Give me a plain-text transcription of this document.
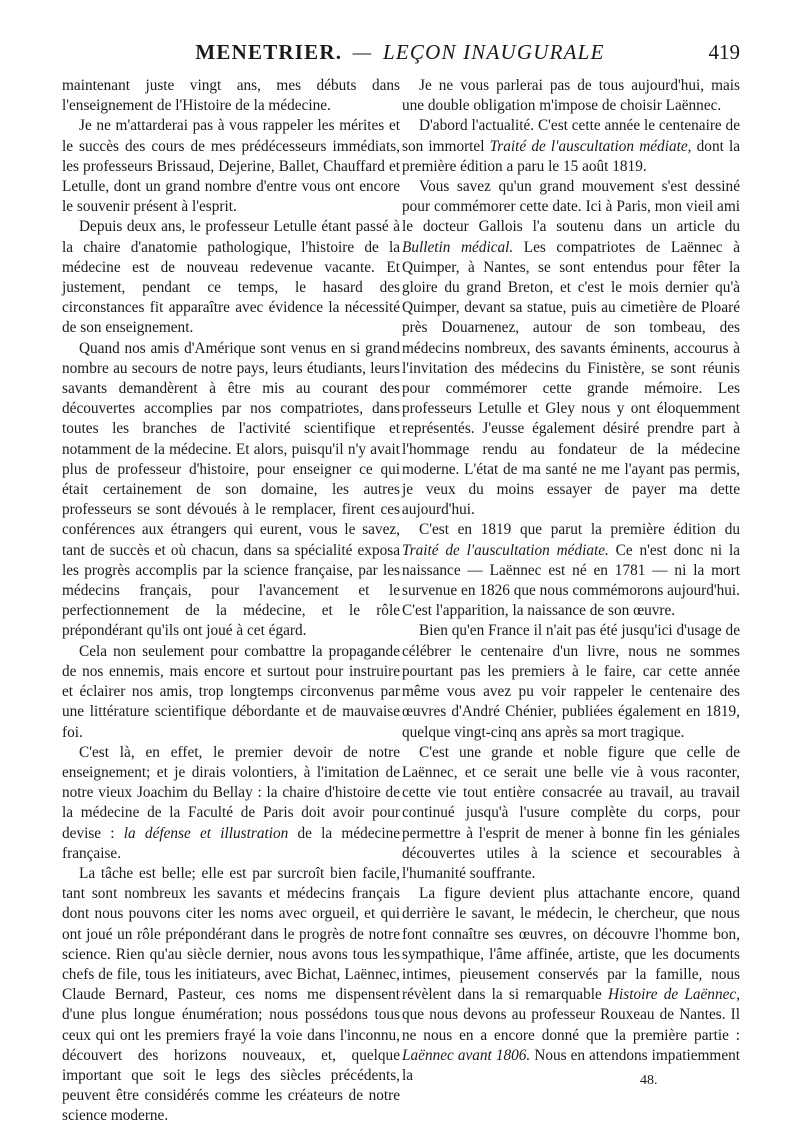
MENETRIER. — LEÇON INAUGURALE	419

maintenant juste vingt ans, mes débuts dans l'enseignement de l'Histoire de la médecine.

Je ne m'attarderai pas à vous rappeler les mérites et le succès des cours de mes prédécesseurs immédiats, les professeurs Brissaud, Dejerine, Ballet, Chauffard et Letulle, dont un grand nombre d'entre vous ont encore le souvenir présent à l'esprit.

Depuis deux ans, le professeur Letulle étant passé à la chaire d'anatomie pathologique, l'histoire de la médecine est de nouveau redevenue vacante. Et justement, pendant ce temps, le hasard des circonstances fit apparaître avec évidence la nécessité de son enseignement.

Quand nos amis d'Amérique sont venus en si grand nombre au secours de notre pays, leurs étudiants, leurs savants demandèrent à être mis au courant des découvertes accomplies par nos compatriotes, dans toutes les branches de l'activité scientifique et notamment de la médecine. Et alors, puisqu'il n'y avait plus de professeur d'histoire, pour enseigner ce qui était certainement de son domaine, les autres professeurs se sont dévoués à le remplacer, firent ces conférences aux étrangers qui eurent, vous le savez, tant de succès et où chacun, dans sa spécialité exposa les progrès accomplis par la science française, par les médecins français, pour l'avancement et le perfectionnement de la médecine, et le rôle prépondérant qu'ils ont joué à cet égard.

Cela non seulement pour combattre la propagande de nos ennemis, mais encore et surtout pour instruire et éclairer nos amis, trop longtemps circonvenus par une littérature scientifique débordante et de mauvaise foi.

C'est là, en effet, le premier devoir de notre enseignement; et je dirais volontiers, à l'imitation de notre vieux Joachim du Bellay : la chaire d'histoire de la médecine de la Faculté de Paris doit avoir pour devise : la défense et illustration de la médecine française.

La tâche est belle; elle est par surcroît bien facile, tant sont nombreux les savants et médecins français dont nous pouvons citer les noms avec orgueil, et qui ont joué un rôle prépondérant dans le progrès de notre science. Rien qu'au siècle dernier, nous avons tous les chefs de file, tous les initiateurs, avec Bichat, Laënnec, Claude Bernard, Pasteur, ces noms me dispensent d'une plus longue énumération; nous possédons tous ceux qui ont les premiers frayé la voie dans l'inconnu, découvert des horizons nouveaux, et, quelque important que soit le legs des siècles précédents, peuvent être considérés comme les créateurs de notre science moderne.

Je ne vous parlerai pas de tous aujourd'hui, mais une double obligation m'impose de choisir Laënnec.

D'abord l'actualité. C'est cette année le centenaire de son immortel Traité de l'auscultation médiate, dont la première édition a paru le 15 août 1819.

Vous savez qu'un grand mouvement s'est dessiné pour commémorer cette date. Ici à Paris, mon vieil ami le docteur Gallois l'a soutenu dans un article du Bulletin médical. Les compatriotes de Laënnec à Quimper, à Nantes, se sont entendus pour fêter la gloire du grand Breton, et c'est le mois dernier qu'à Quimper, devant sa statue, puis au cimetière de Ploaré près Douarnenez, autour de son tombeau, des médecins nombreux, des savants éminents, accourus à l'invitation des médecins du Finistère, se sont réunis pour commémorer cette grande mémoire. Les professeurs Letulle et Gley nous y ont éloquemment représentés. J'eusse également désiré prendre part à l'hommage rendu au fondateur de la médecine moderne. L'état de ma santé ne me l'ayant pas permis, je veux du moins essayer de payer ma dette aujourd'hui.

C'est en 1819 que parut la première édition du Traité de l'auscultation médiate. Ce n'est donc ni la naissance — Laënnec est né en 1781 — ni la mort survenue en 1826 que nous commémorons aujourd'hui. C'est l'apparition, la naissance de son œuvre.

Bien qu'en France il n'ait pas été jusqu'ici d'usage de célébrer le centenaire d'un livre, nous ne sommes pourtant pas les premiers à le faire, car cette année même vous avez pu voir rappeler le centenaire des œuvres d'André Chénier, publiées également en 1819, quelque vingt-cinq ans après sa mort tragique.

C'est une grande et noble figure que celle de Laënnec, et ce serait une belle vie à vous raconter, cette vie tout entière consacrée au travail, au travail continué jusqu'à l'usure complète du corps, pour permettre à l'esprit de mener à bonne fin les géniales découvertes utiles à la science et secourables à l'humanité souffrante.

La figure devient plus attachante encore, quand derrière le savant, le médecin, le chercheur, que nous font connaître ses œuvres, on découvre l'homme bon, sympathique, l'âme affinée, artiste, que les documents intimes, pieusement conservés par la famille, nous révèlent dans la si remarquable Histoire de Laënnec, que nous devons au professeur Rouxeau de Nantes. Il ne nous en a encore donné que la première partie : Laënnec avant 1806. Nous en attendons impatiemment la	48.
